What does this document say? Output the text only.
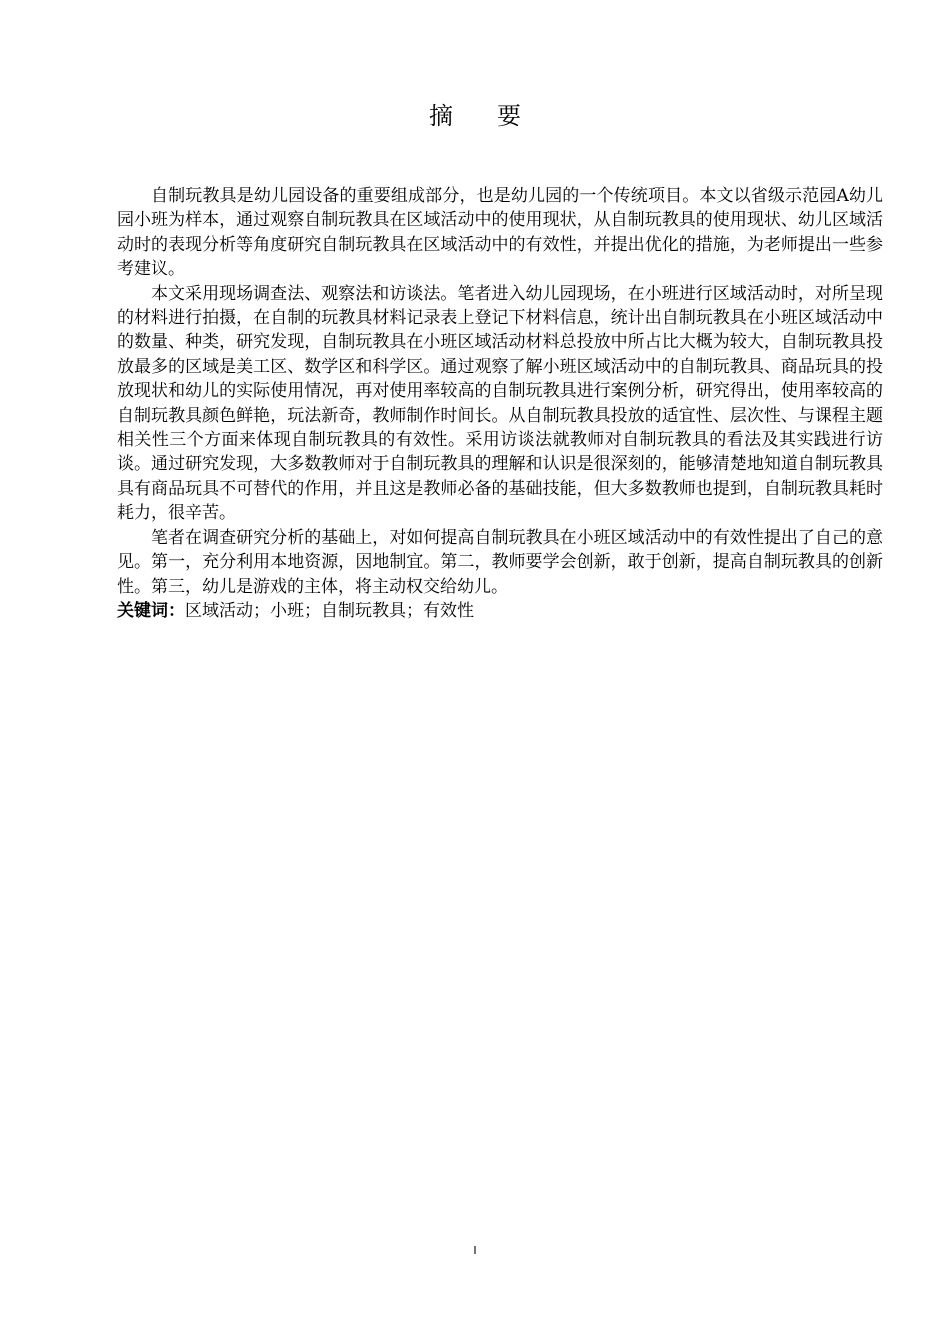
摘要

自制玩教具是幼儿园设备的重要组成部分，也是幼儿园的一个传统项目。本文以省级示范园A幼儿园小班为样本，通过观察自制玩教具在区域活动中的使用现状，从自制玩教具的使用现状、幼儿区域活动时的表现分析等角度研究自制玩教具在区域活动中的有效性，并提出优化的措施，为老师提出一些参考建议。

本文采用现场调查法、观察法和访谈法。笔者进入幼儿园现场，在小班进行区域活动时，对所呈现的材料进行拍摄，在自制的玩教具材料记录表上登记下材料信息，统计出自制玩教具在小班区域活动中的数量、种类，研究发现，自制玩教具在小班区域活动材料总投放中所占比大概为较大，自制玩教具投放最多的区域是美工区、数学区和科学区。通过观察了解小班区域活动中的自制玩教具、商品玩具的投放现状和幼儿的实际使用情况，再对使用率较高的自制玩教具进行案例分析，研究得出，使用率较高的自制玩教具颜色鲜艳，玩法新奇，教师制作时间长。从自制玩教具投放的适宜性、层次性、与课程主题相关性三个方面来体现自制玩教具的有效性。采用访谈法就教师对自制玩教具的看法及其实践进行访谈。通过研究发现，大多数教师对于自制玩教具的理解和认识是很深刻的，能够清楚地知道自制玩教具具有商品玩具不可替代的作用，并且这是教师必备的基础技能，但大多数教师也提到，自制玩教具耗时耗力，很辛苦。

笔者在调查研究分析的基础上，对如何提高自制玩教具在小班区域活动中的有效性提出了自己的意见。第一，充分利用本地资源，因地制宜。第二，教师要学会创新，敢于创新，提高自制玩教具的创新性。第三，幼儿是游戏的主体，将主动权交给幼儿。

关键词：区域活动；小班；自制玩教具；有效性

I
